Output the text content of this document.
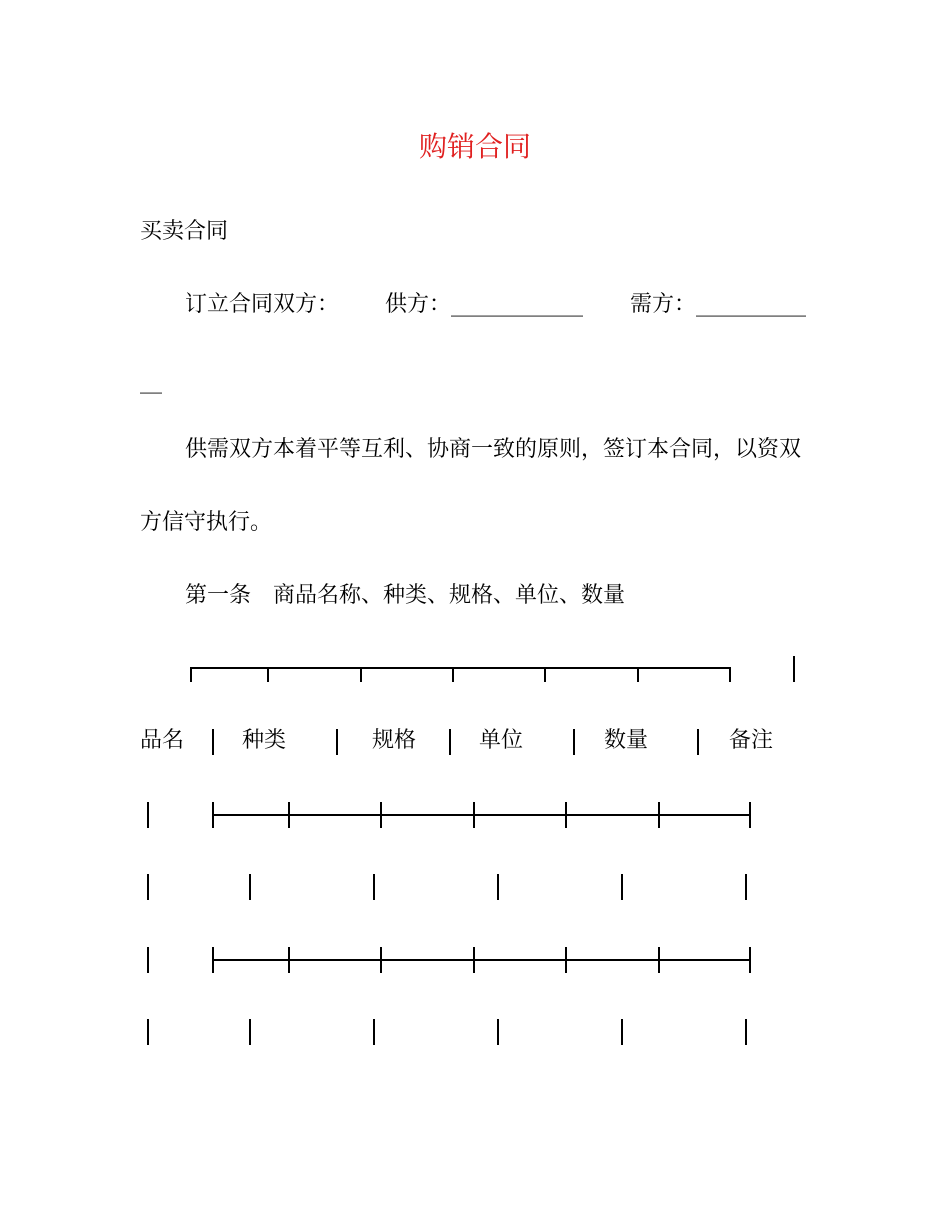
购销合同
买卖合同
订立合同双方： 供方：____________ 需方：__________
__
供需双方本着平等互利、协商一致的原则，签订本合同，以资双
方信守执行。
第一条　商品名称、种类、规格、单位、数量
品名	种类	规格	单位	数量	备注
